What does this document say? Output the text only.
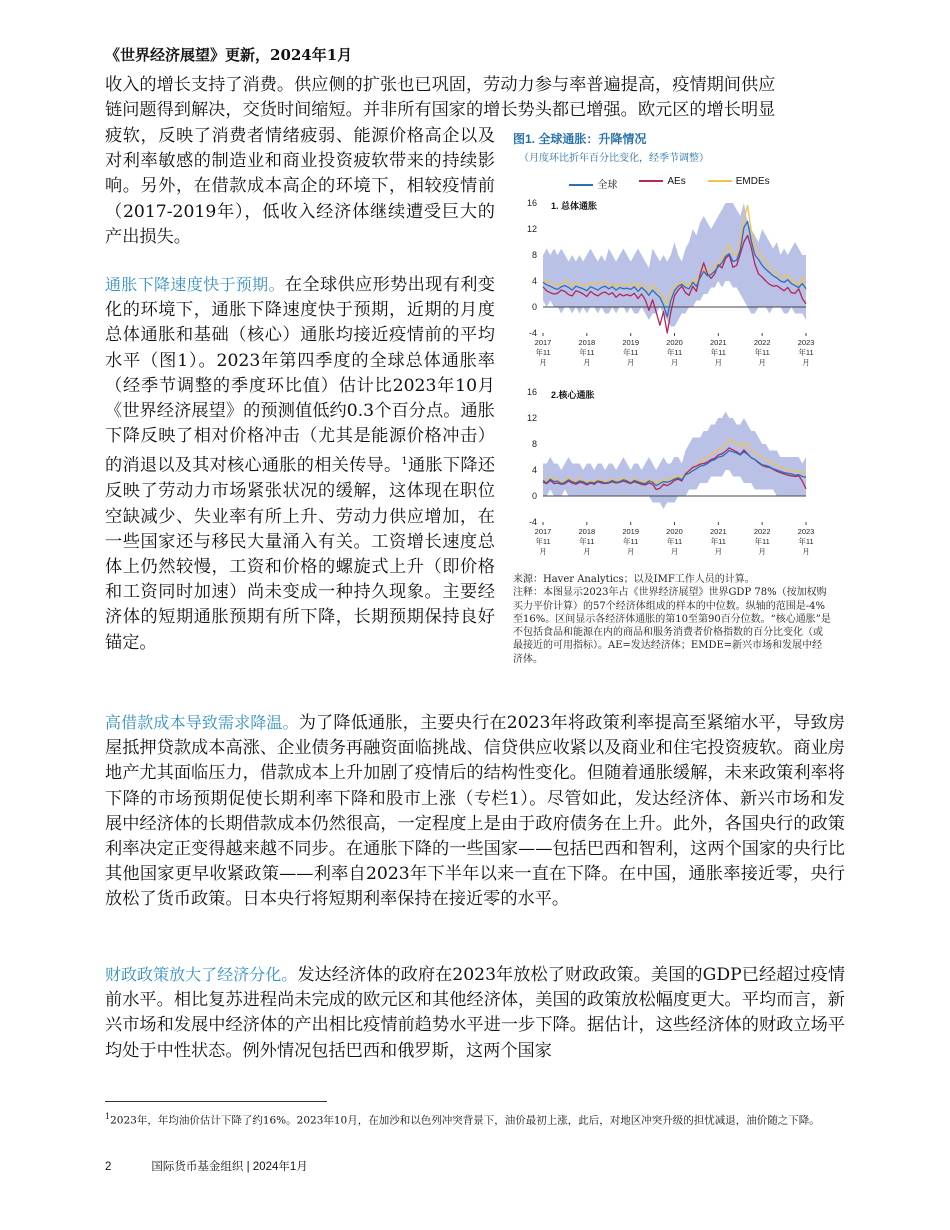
《世界经济展望》更新，2024年1月
收入的增长支持了消费。供应侧的扩张也已巩固，劳动力参与率普遍提高，疫情期间供应
链问题得到解决，交货时间缩短。并非所有国家的增长势头都已增强。欧元区的增长明显
疲软，反映了消费者情绪疲弱、能源价格高企以及对利率敏感的制造业和商业投资疲软带来的持续影响。另外，在借款成本高企的环境下，相较疫情前（2017-2019年），低收入经济体继续遭受巨大的产出损失。
通胀下降速度快于预期。在全球供应形势出现有利变化的环境下，通胀下降速度快于预期，近期的月度总体通胀和基础（核心）通胀均接近疫情前的平均水平（图1）。2023年第四季度的全球总体通胀率（经季节调整的季度环比值）估计比2023年10月《世界经济展望》的预测值低约0.3个百分点。通胀下降反映了相对价格冲击（尤其是能源价格冲击）的消退以及其对核心通胀的相关传导。$^1$通胀下降还反映了劳动力市场紧张状况的缓解，这体现在职位空缺减少、失业率有所上升、劳动力供应增加，在一些国家还与移民大量涌入有关。工资增长速度总体上仍然较慢，工资和价格的螺旋式上升（即价格和工资同时加速）尚未变成一种持久现象。主要经济体的短期通胀预期有所下降，长期预期保持良好锚定。
图1. 全球通胀：升降情况
（月度环比折年百分比变化，经季节调整）
全球	AEs	EMDEs
-4
0
4
8
12
16 1. 总体通胀
2017
年11
月
2018
年11
月
2019
年11
月
2020
年11
月
2021
年11
月
2022
年11
月
2023
年11
月
-4
0
4
8
12
16 2.核心通胀
2017
年11
月
2018
年11
月
2019
年11
月
2020
年11
月
2021
年11
月
2022
年11
月
2023
年11
月
来源：Haver Analytics；以及IMF工作人员的计算。
注释：本图显示2023年占《世界经济展望》世界GDP 78%（按加权购买力平价计算）的57个经济体组成的样本的中位数。纵轴的范围是-4%至16%。区间显示各经济体通胀的第10至第90百分位数。“核心通胀”是不包括食品和能源在内的商品和服务消费者价格指数的百分比变化（或最接近的可用指标）。AE=发达经济体；EMDE=新兴市场和发展中经济体。
高借款成本导致需求降温。为了降低通胀，主要央行在2023年将政策利率提高至紧缩水平，导致房屋抵押贷款成本高涨、企业债务再融资面临挑战、信贷供应收紧以及商业和住宅投资疲软。商业房地产尤其面临压力，借款成本上升加剧了疫情后的结构性变化。但随着通胀缓解，未来政策利率将下降的市场预期促使长期利率下降和股市上涨（专栏1）。尽管如此，发达经济体、新兴市场和发展中经济体的长期借款成本仍然很高，一定程度上是由于政府债务在上升。此外，各国央行的政策利率决定正变得越来越不同步。在通胀下降的一些国家——包括巴西和智利，这两个国家的央行比其他国家更早收紧政策——利率自2023年下半年以来一直在下降。在中国，通胀率接近零，央行放松了货币政策。日本央行将短期利率保持在接近零的水平。
财政政策放大了经济分化。发达经济体的政府在2023年放松了财政政策。美国的GDP已经超过疫情前水平。相比复苏进程尚未完成的欧元区和其他经济体，美国的政策放松幅度更大。平均而言，新兴市场和发展中经济体的产出相比疫情前趋势水平进一步下降。据估计，这些经济体的财政立场平均处于中性状态。例外情况包括巴西和俄罗斯，这两个国家
$^1$2023年，年均油价估计下降了约16%。2023年10月，在加沙和以色列冲突背景下，油价最初上涨，此后，对地区冲突升级的担忧减退，油价随之下降。
2	国际货币基金组织 | 2024年1月
